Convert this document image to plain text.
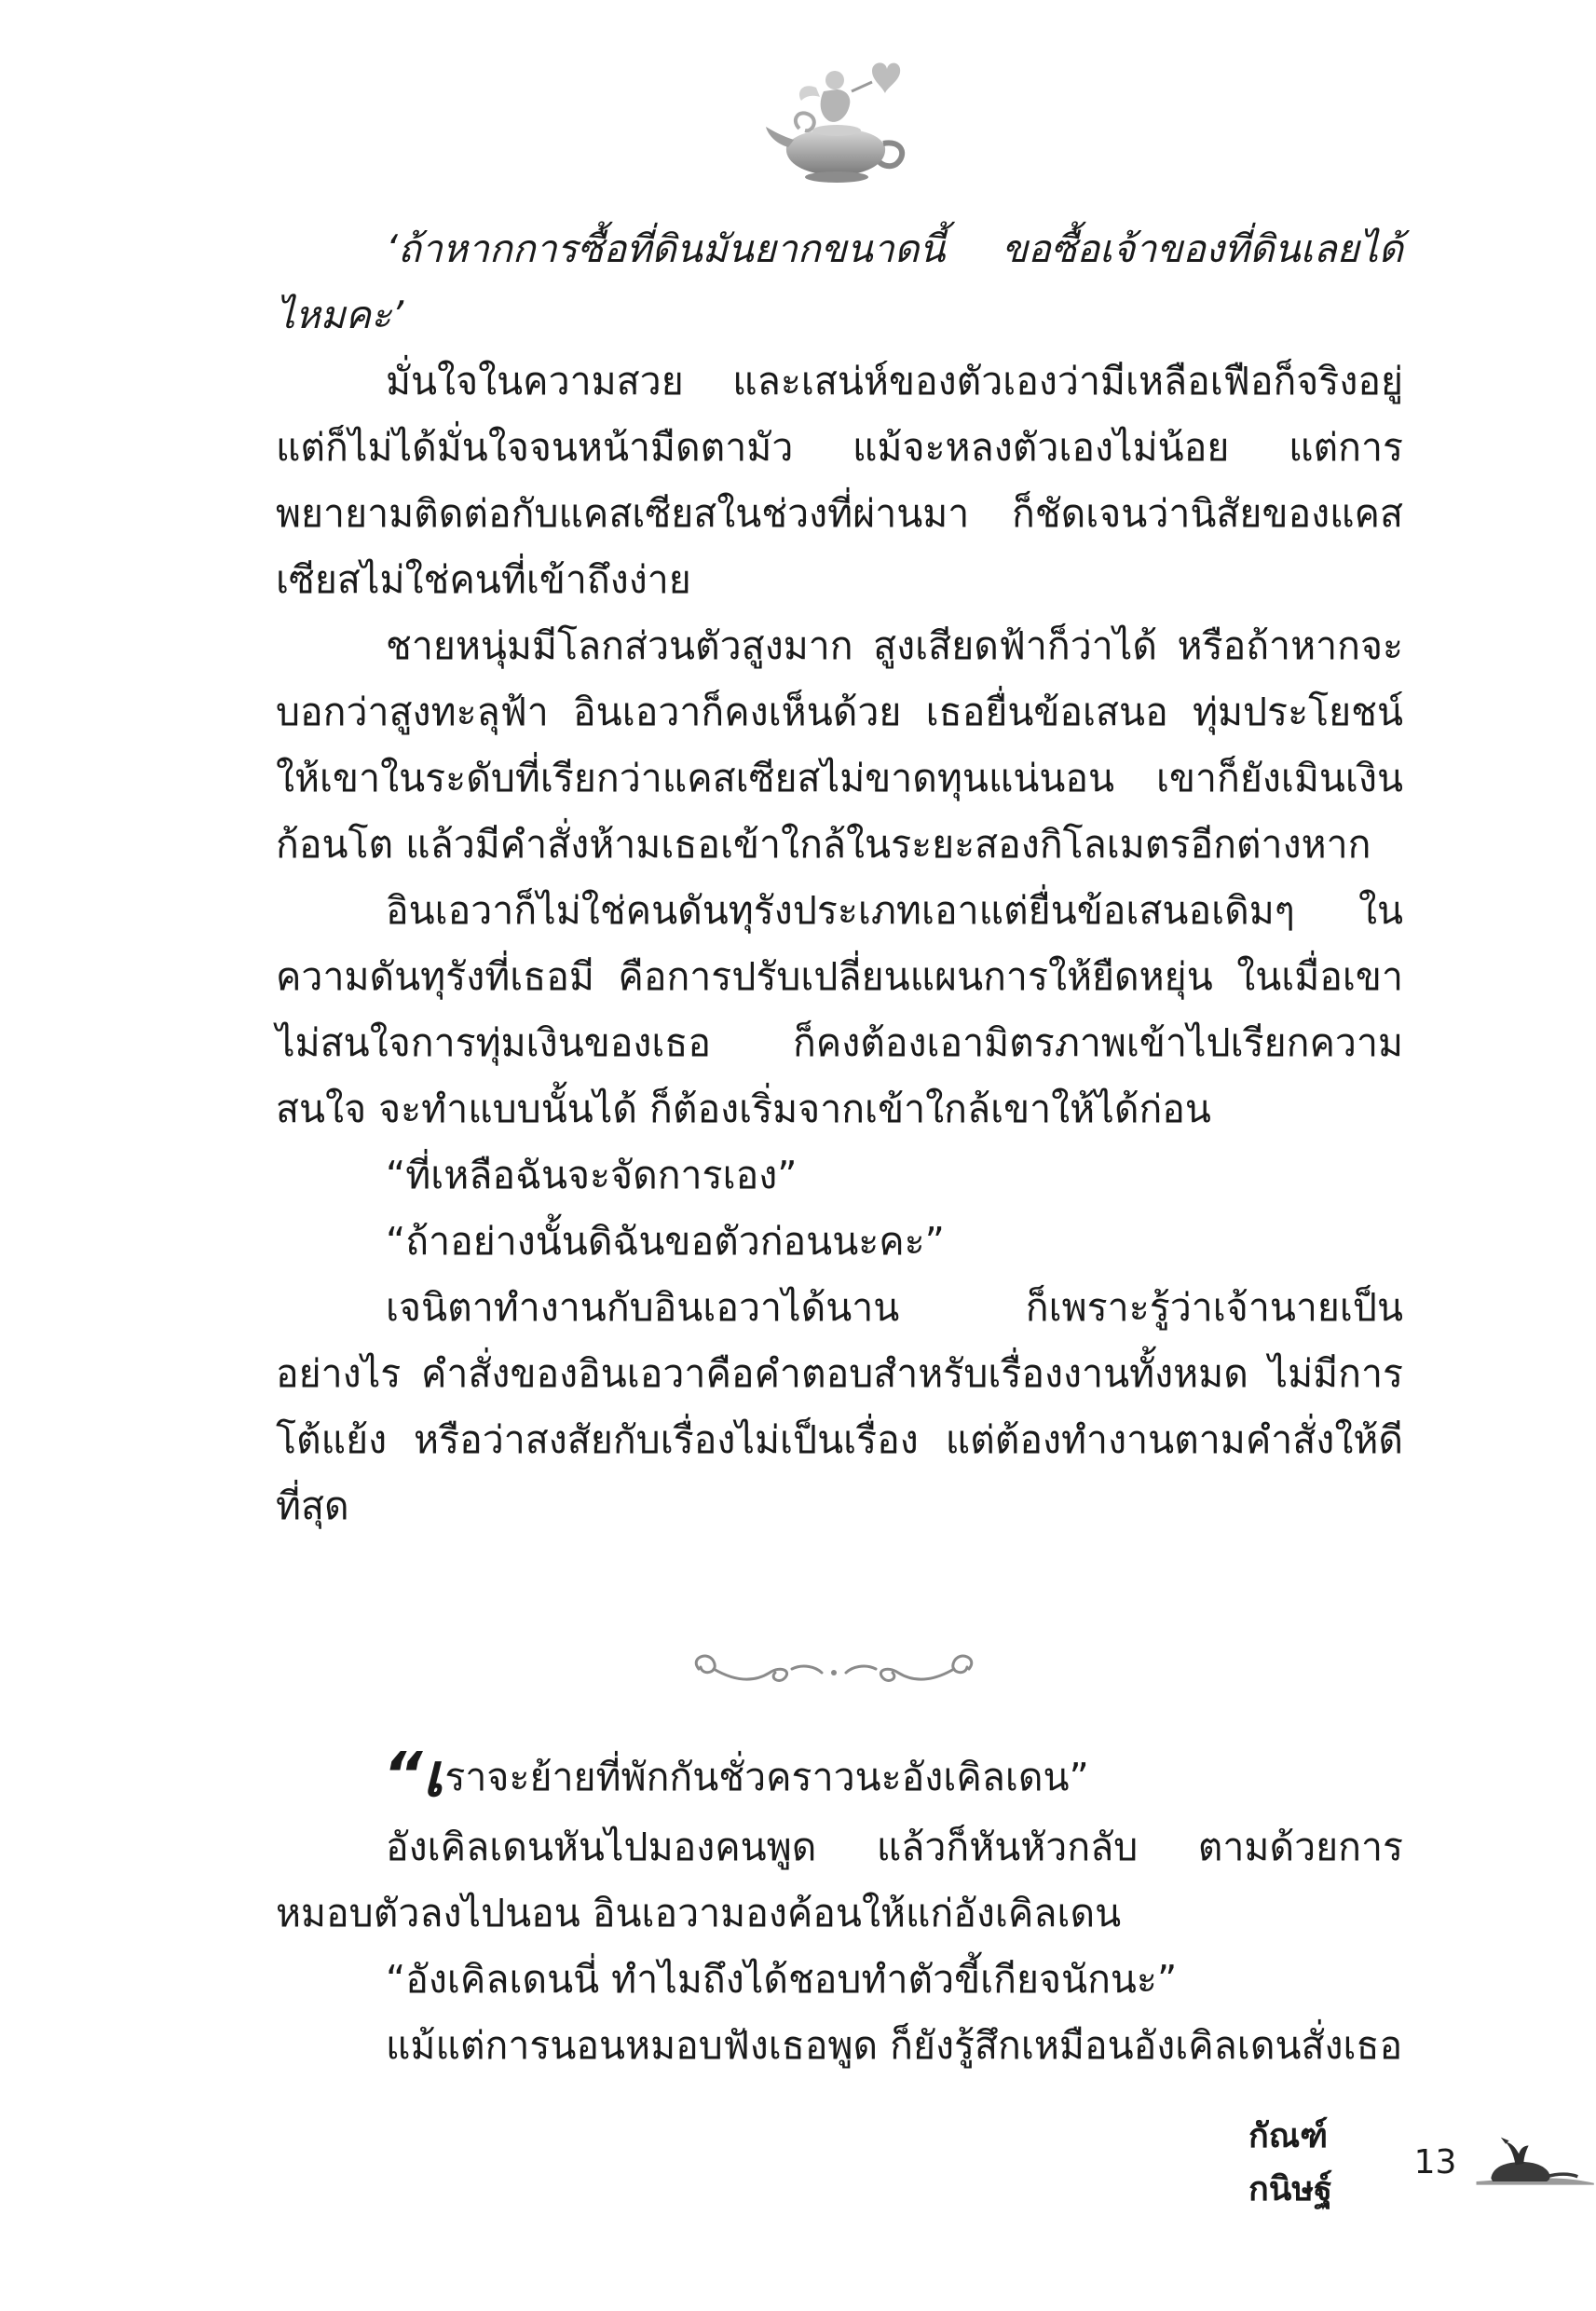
‘ถ้าหากการซื้อที่ดินมันยากขนาดนี้ ขอซื้อเจ้าของที่ดินเลยได้ไหมคะ’

มั่นใจในความสวย และเสน่ห์ของตัวเองว่ามีเหลือเฟือก็จริงอยู่ แต่ก็ไม่ได้มั่นใจจนหน้ามืดตามัว แม้จะหลงตัวเองไม่น้อย แต่การพยายามติดต่อกับแคสเซียสในช่วงที่ผ่านมา ก็ชัดเจนว่านิสัยของแคสเซียสไม่ใช่คนที่เข้าถึงง่าย

ชายหนุ่มมีโลกส่วนตัวสูงมาก สูงเสียดฟ้าก็ว่าได้ หรือถ้าหากจะบอกว่าสูงทะลุฟ้า อินเอวาก็คงเห็นด้วย เธอยื่นข้อเสนอ ทุ่มประโยชน์ให้เขาในระดับที่เรียกว่าแคสเซียสไม่ขาดทุนแน่นอน เขาก็ยังเมินเงินก้อนโต แล้วมีคำสั่งห้ามเธอเข้าใกล้ในระยะสองกิโลเมตรอีกต่างหาก

อินเอวาก็ไม่ใช่คนดันทุรังประเภทเอาแต่ยื่นข้อเสนอเดิมๆ ในความดันทุรังที่เธอมี คือการปรับเปลี่ยนแผนการให้ยืดหยุ่น ในเมื่อเขาไม่สนใจการทุ่มเงินของเธอ ก็คงต้องเอามิตรภาพเข้าไปเรียกความสนใจ จะทำแบบนั้นได้ ก็ต้องเริ่มจากเข้าใกล้เขาให้ได้ก่อน

“ที่เหลือฉันจะจัดการเอง”

“ถ้าอย่างนั้นดิฉันขอตัวก่อนนะคะ”

เจนิตาทำงานกับอินเอวาได้นาน ก็เพราะรู้ว่าเจ้านายเป็นอย่างไร คำสั่งของอินเอวาคือคำตอบสำหรับเรื่องงานทั้งหมด ไม่มีการโต้แย้ง หรือว่าสงสัยกับเรื่องไม่เป็นเรื่อง แต่ต้องทำงานตามคำสั่งให้ดีที่สุด

“เราจะย้ายที่พักกันชั่วคราวนะอังเคิลเดน”

อังเคิลเดนหันไปมองคนพูด แล้วก็หันหัวกลับ ตามด้วยการหมอบตัวลงไปนอน อินเอวามองค้อนให้แก่อังเคิลเดน

“อังเคิลเดนนี่ ทำไมถึงได้ชอบทำตัวขี้เกียจนักนะ”

แม้แต่การนอนหมอบฟังเธอพูด ก็ยังรู้สึกเหมือนอังเคิลเดนสั่งเธอ

กัณฑ์กนิษฐ์
13
